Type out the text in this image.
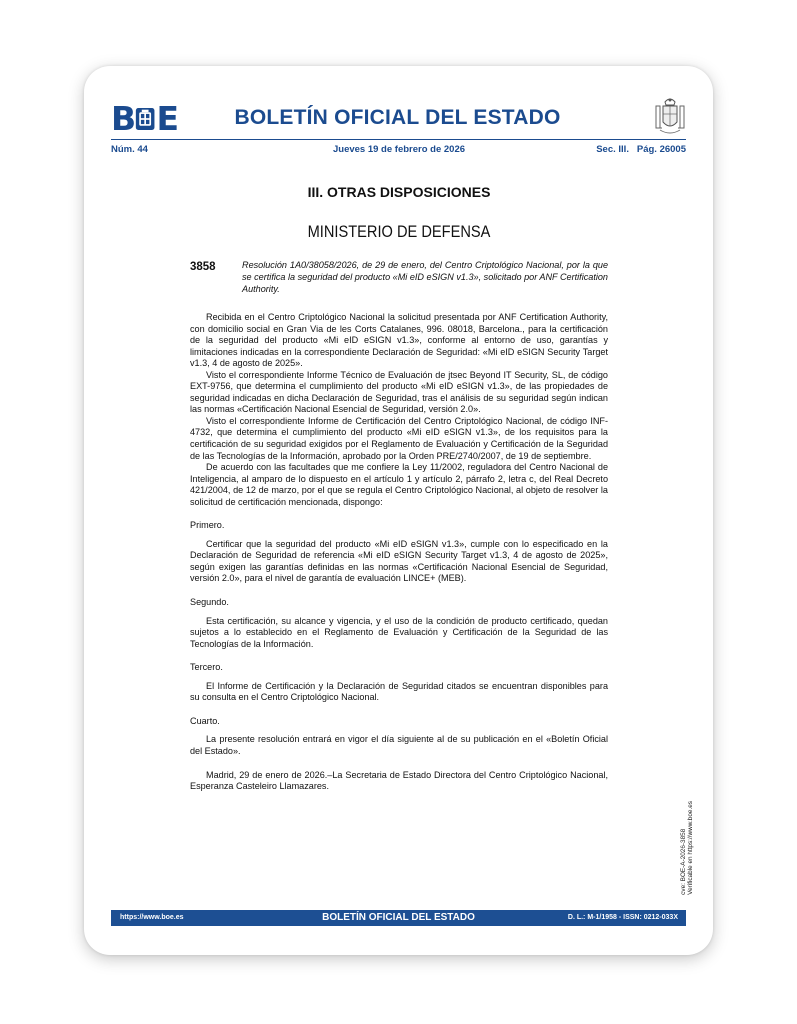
B E	BOLETÍN OFICIAL DEL ESTADO
Núm. 44	Jueves 19 de febrero de 2026	Sec. III.   Pág. 26005
III. OTRAS DISPOSICIONES
MINISTERIO DE DEFENSA
3858	Resolución 1A0/38058/2026, de 29 de enero, del Centro Criptológico Nacional, por la que se certifica la seguridad del producto «Mi eID eSIGN v1.3», solicitado por ANF Certification Authority.

Recibida en el Centro Criptológico Nacional la solicitud presentada por ANF Certification Authority, con domicilio social en Gran Via de les Corts Catalanes, 996. 08018, Barcelona., para la certificación de la seguridad del producto «Mi eID eSIGN v1.3», conforme al entorno de uso, garantías y limitaciones indicadas en la correspondiente Declaración de Seguridad: «Mi eID eSIGN Security Target v1.3, 4 de agosto de 2025».

Visto el correspondiente Informe Técnico de Evaluación de jtsec Beyond IT Security, SL, de código EXT-9756, que determina el cumplimiento del producto «Mi eID eSIGN v1.3», de las propiedades de seguridad indicadas en dicha Declaración de Seguridad, tras el análisis de su seguridad según indican las normas «Certificación Nacional Esencial de Seguridad, versión 2.0».

Visto el correspondiente Informe de Certificación del Centro Criptológico Nacional, de código INF-4732, que determina el cumplimiento del producto «Mi eID eSIGN v1.3», de los requisitos para la certificación de su seguridad exigidos por el Reglamento de Evaluación y Certificación de la Seguridad de las Tecnologías de la Información, aprobado por la Orden PRE/2740/2007, de 19 de septiembre.

De acuerdo con las facultades que me confiere la Ley 11/2002, reguladora del Centro Nacional de Inteligencia, al amparo de lo dispuesto en el artículo 1 y artículo 2, párrafo 2, letra c, del Real Decreto 421/2004, de 12 de marzo, por el que se regula el Centro Criptológico Nacional, al objeto de resolver la solicitud de certificación mencionada, dispongo:

Primero.

Certificar que la seguridad del producto «Mi eID eSIGN v1.3», cumple con lo especificado en la Declaración de Seguridad de referencia «Mi eID eSIGN Security Target v1.3, 4 de agosto de 2025», según exigen las garantías definidas en las normas «Certificación Nacional Esencial de Seguridad, versión 2.0», para el nivel de garantía de evaluación LINCE+ (MEB).

Segundo.

Esta certificación, su alcance y vigencia, y el uso de la condición de producto certificado, quedan sujetos a lo establecido en el Reglamento de Evaluación y Certificación de la Seguridad de las Tecnologías de la Información.

Tercero.

El Informe de Certificación y la Declaración de Seguridad citados se encuentran disponibles para su consulta en el Centro Criptológico Nacional.

Cuarto.

La presente resolución entrará en vigor el día siguiente al de su publicación en el «Boletín Oficial del Estado».

Madrid, 29 de enero de 2026.–La Secretaria de Estado Directora del Centro Criptológico Nacional, Esperanza Casteleiro Llamazares.

cve: BOE-A-2026-3858 Verificable en https://www.boe.es
https://www.boe.es	BOLETÍN OFICIAL DEL ESTADO	D. L.: M-1/1958 - ISSN: 0212-033X
